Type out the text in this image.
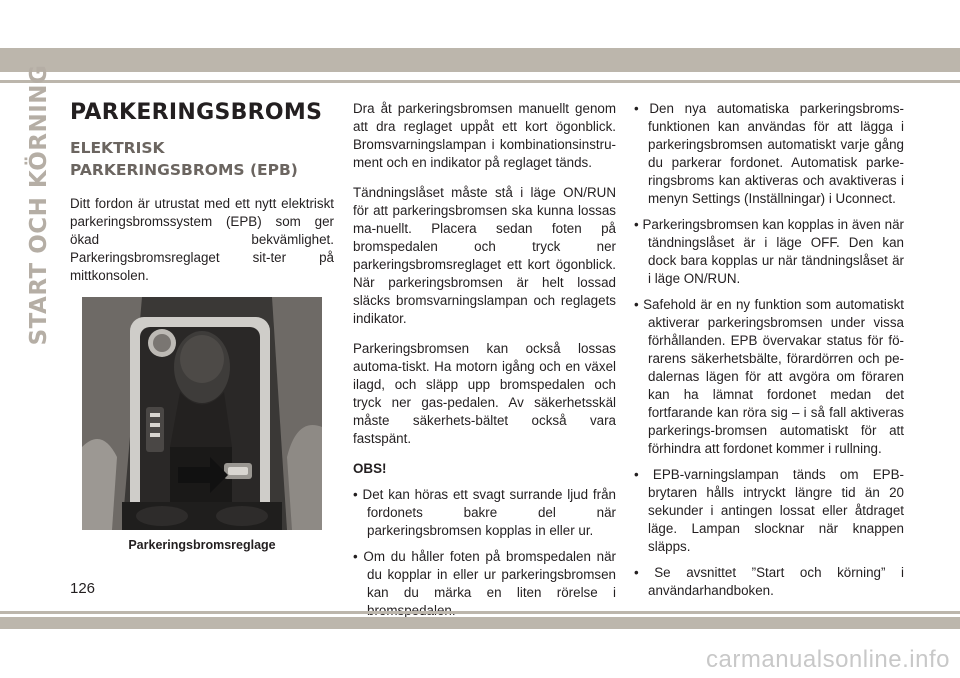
START OCH KÖRNING PARKERINGSBROMS
ELEKTRISK PARKERINGSBROMS (EPB)

Ditt fordon är utrustat med ett nytt elektriskt parkeringsbromssystem (EPB) som ger ökad bekvämlighet. Parkeringsbromsreglaget sit-ter på mittkonsolen.

Parkeringsbromsreglage

Dra åt parkeringsbromsen manuellt genom att dra reglaget uppåt ett kort ögonblick. Bromsvarningslampan i kombinationsinstru-ment och en indikator på reglaget tänds.

Tändningslåset måste stå i läge ON/RUN för att parkeringsbromsen ska kunna lossas ma-nuellt. Placera sedan foten på bromspedalen och tryck ner parkeringsbromsreglaget ett kort ögonblick. När parkeringsbromsen är helt lossad släcks bromsvarningslampan och reglagets indikator.

Parkeringsbromsen kan också lossas automa-tiskt. Ha motorn igång och en växel ilagd, och släpp upp bromspedalen och tryck ner gas-pedalen. Av säkerhetsskäl måste säkerhets-bältet också vara fastspänt.

OBS!

• Det kan höras ett svagt surrande ljud från fordonets bakre del när parkeringsbromsen kopplas in eller ur.

• Om du håller foten på bromspedalen när du kopplar in eller ur parkeringsbromsen kan du märka en liten rörelse i

• Den nya automatiska parkeringsbroms-funktionen kan användas för att lägga i parkeringsbromsen automatiskt varje gång du parkerar fordonet. Automatisk parke-ringsbroms kan aktiveras och avaktiveras i menyn Settings (Inställningar) i Uconnect.

• Parkeringsbromsen kan kopplas in även när tändningslåset är i läge OFF. Den kan dock bara kopplas ur när tändningslåset är i läge ON/RUN.

• Safehold är en ny funktion som automatiskt aktiverar parkeringsbromsen under vissa förhållanden. EPB övervakar status för fö-rarens säkerhetsbälte, förardörren och pe-dalernas lägen för att avgöra om föraren kan ha lämnat fordonet medan det fortfarande kan röra sig – i så fall aktiveras parkerings-bromsen automatiskt för att förhindra att fordonet kommer i rullning.

• EPB-varningslampan tänds om EPB-brytaren hålls intryckt längre tid än 20 sekunder i antingen lossat eller åtdraget läge. Lampan slocknar när knappen släpps.

• Se avsnittet ”Start och körning” i användarhandboken.

126
carmanualsonline.info
